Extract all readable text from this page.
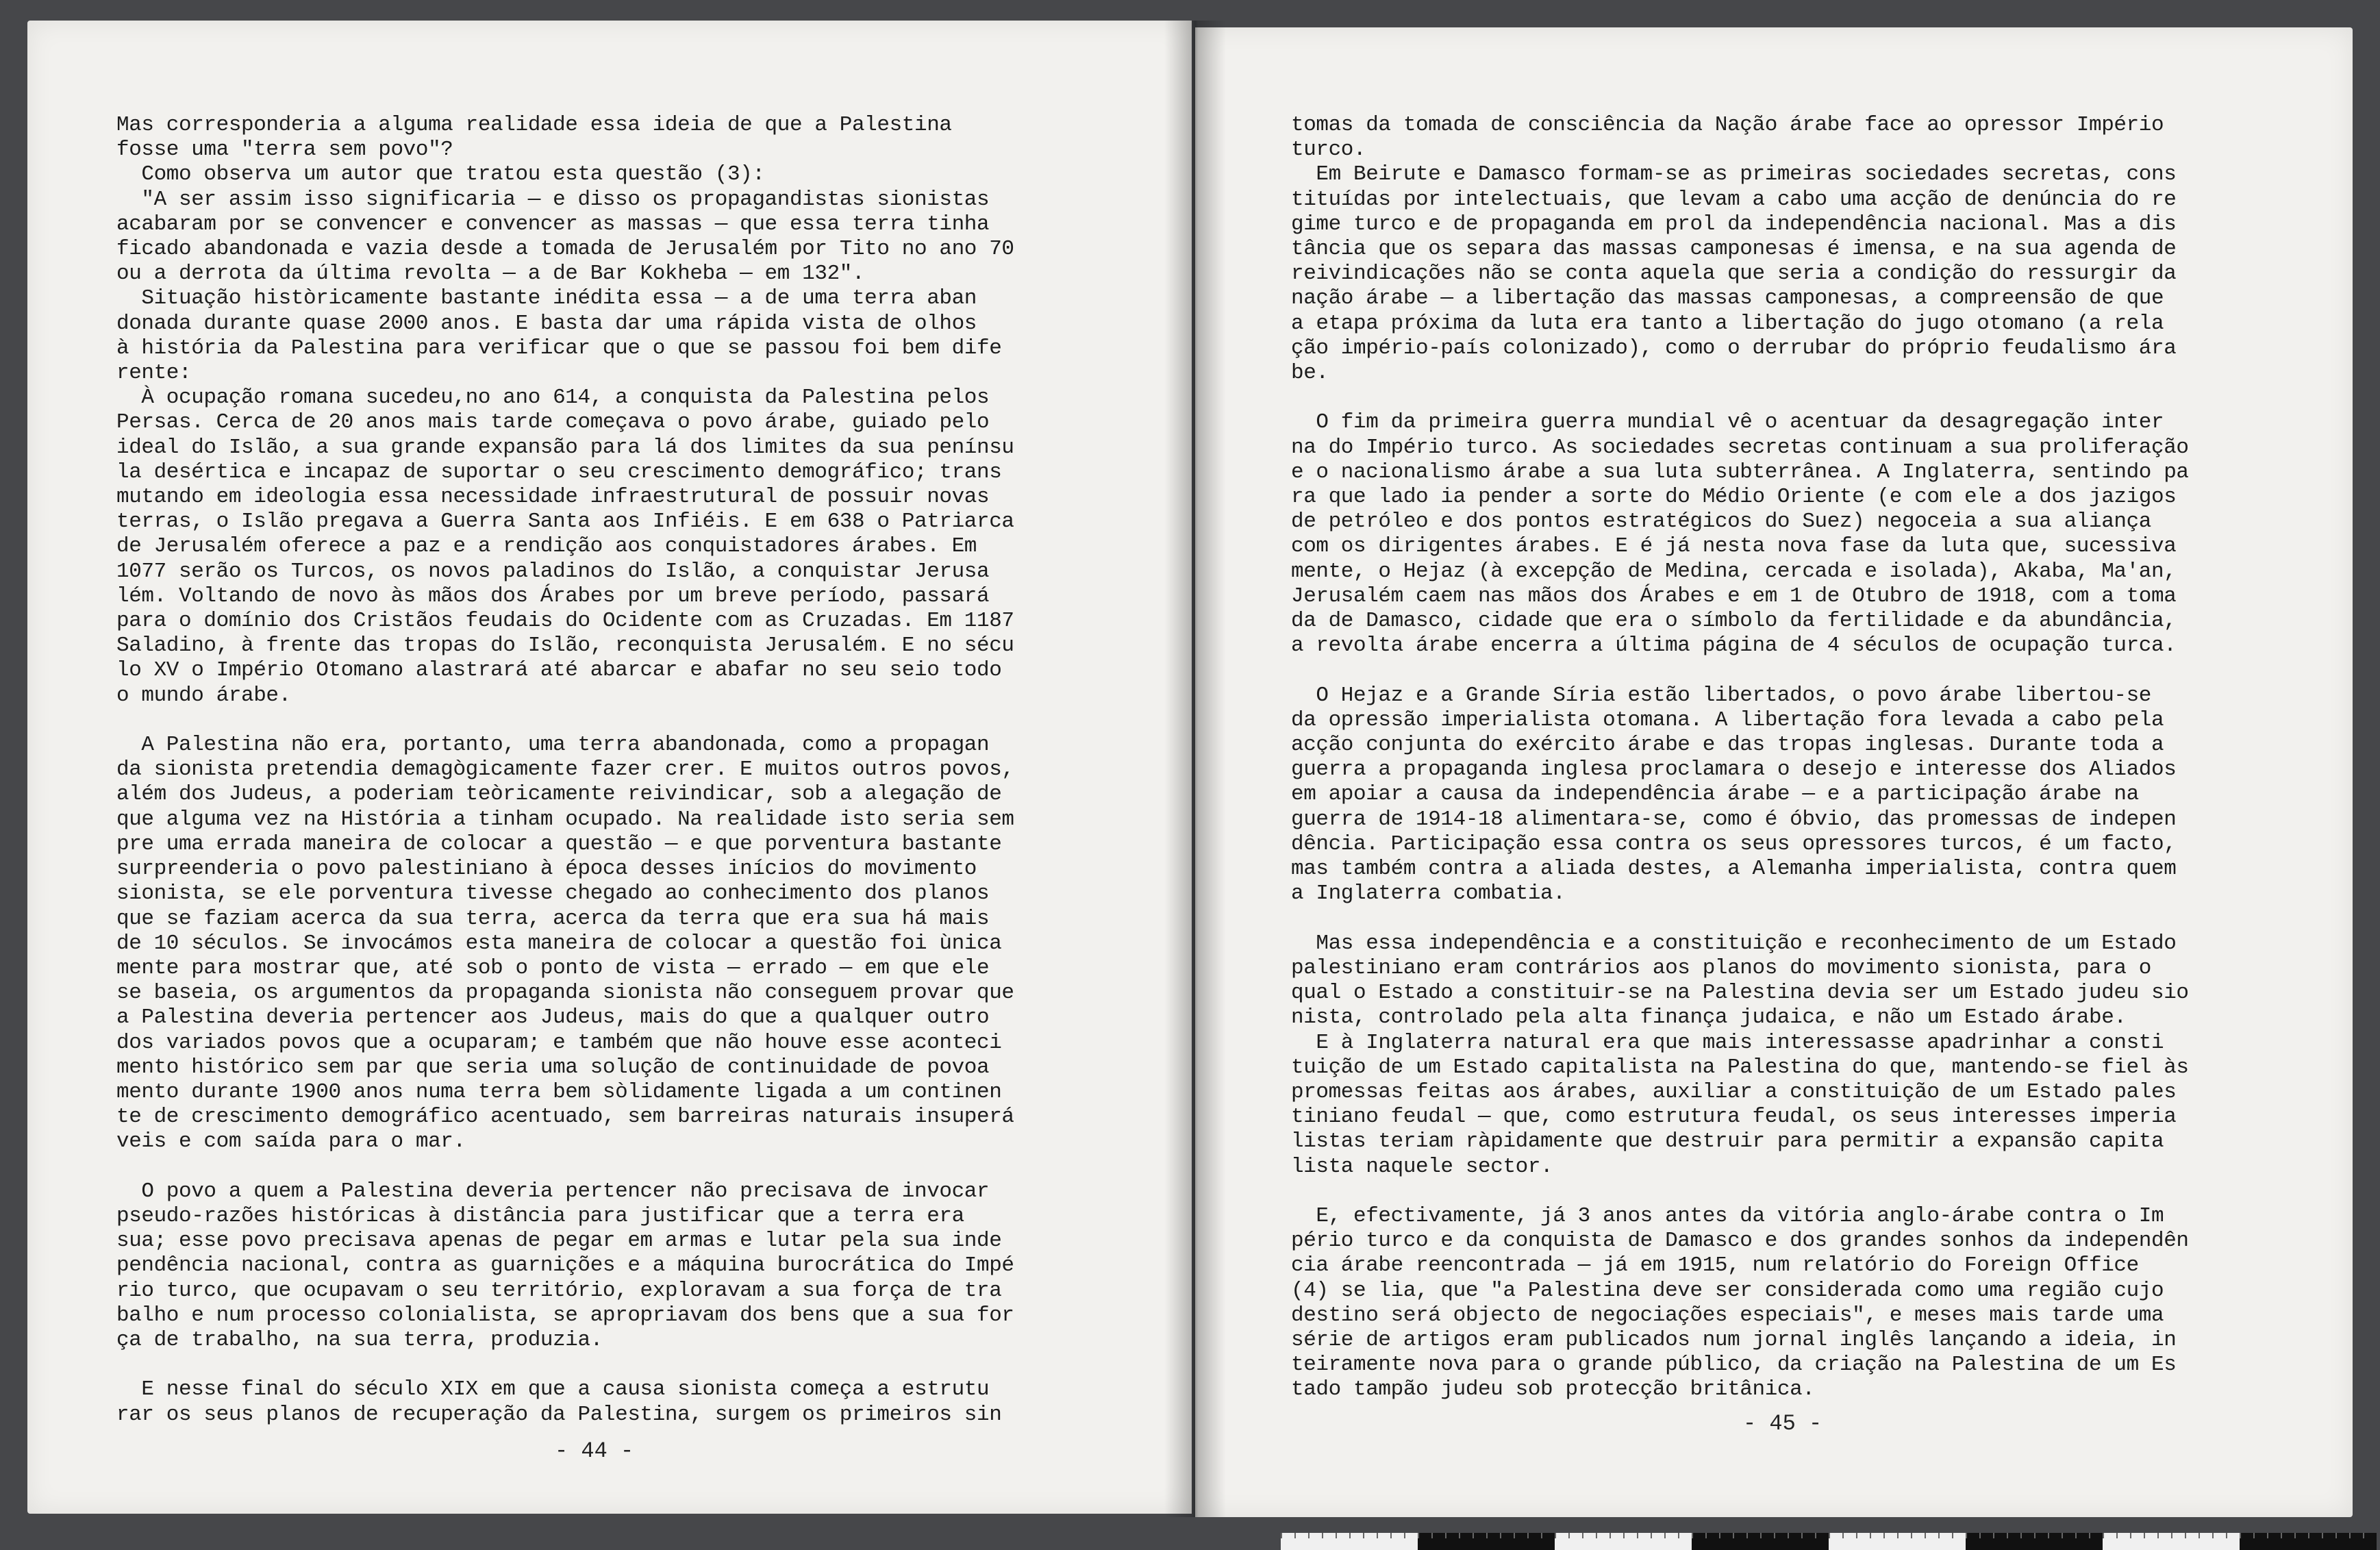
Mas corresponderia a alguma realidade essa ideia de que a Palestina
fosse uma "terra sem povo"?
Como observa um autor que tratou esta questão (3):
"A ser assim isso significaria — e disso os propagandistas sionistas
acabaram por se convencer e convencer as massas — que essa terra tinha
ficado abandonada e vazia desde a tomada de Jerusalém por Tito no ano 70
ou a derrota da última revolta — a de Bar Kokheba — em 132".
Situação històricamente bastante inédita essa — a de uma terra aban
donada durante quase 2000 anos. E basta dar uma rápida vista de olhos
à história da Palestina para verificar que o que se passou foi bem dife
rente:
À ocupação romana sucedeu,no ano 614, a conquista da Palestina pelos
Persas. Cerca de 20 anos mais tarde começava o povo árabe, guiado pelo
ideal do Islão, a sua grande expansão para lá dos limites da sua penínsu
la desértica e incapaz de suportar o seu crescimento demográfico; trans
mutando em ideologia essa necessidade infraestrutural de possuir novas
terras, o Islão pregava a Guerra Santa aos Infiéis. E em 638 o Patriarca
de Jerusalém oferece a paz e a rendição aos conquistadores árabes. Em
1077 serão os Turcos, os novos paladinos do Islão, a conquistar Jerusa
lém. Voltando de novo às mãos dos Árabes por um breve período, passará
para o domínio dos Cristãos feudais do Ocidente com as Cruzadas. Em 1187
Saladino, à frente das tropas do Islão, reconquista Jerusalém. E no sécu
lo XV o Império Otomano alastrará até abarcar e abafar no seu seio todo
o mundo árabe.

A Palestina não era, portanto, uma terra abandonada, como a propagan
da sionista pretendia demagògicamente fazer crer. E muitos outros povos,
além dos Judeus, a poderiam teòricamente reivindicar, sob a alegação de
que alguma vez na História a tinham ocupado. Na realidade isto seria sem
pre uma errada maneira de colocar a questão — e que porventura bastante
surpreenderia o povo palestiniano à época desses inícios do movimento
sionista, se ele porventura tivesse chegado ao conhecimento dos planos
que se faziam acerca da sua terra, acerca da terra que era sua há mais
de 10 séculos. Se invocámos esta maneira de colocar a questão foi ùnica
mente para mostrar que, até sob o ponto de vista — errado — em que ele
se baseia, os argumentos da propaganda sionista não conseguem provar que
a Palestina deveria pertencer aos Judeus, mais do que a qualquer outro
dos variados povos que a ocuparam; e também que não houve esse aconteci
mento histórico sem par que seria uma solução de continuidade de povoa
mento durante 1900 anos numa terra bem sòlidamente ligada a um continen
te de crescimento demográfico acentuado, sem barreiras naturais insuperá
veis e com saída para o mar.

O povo a quem a Palestina deveria pertencer não precisava de invocar
pseudo-razões históricas à distância para justificar que a terra era
sua; esse povo precisava apenas de pegar em armas e lutar pela sua inde
pendência nacional, contra as guarnições e a máquina burocrática do Impé
rio turco, que ocupavam o seu território, exploravam a sua força de tra
balho e num processo colonialista, se apropriavam dos bens que a sua for
ça de trabalho, na sua terra, produzia.

E nesse final do século XIX em que a causa sionista começa a estrutu
rar os seus planos de recuperação da Palestina, surgem os primeiros sin
- 44 -
tomas da tomada de consciência da Nação árabe face ao opressor Império
turco.
Em Beirute e Damasco formam-se as primeiras sociedades secretas, cons
tituídas por intelectuais, que levam a cabo uma acção de denúncia do re
gime turco e de propaganda em prol da independência nacional. Mas a dis
tância que os separa das massas camponesas é imensa, e na sua agenda de
reivindicações não se conta aquela que seria a condição do ressurgir da
nação árabe — a libertação das massas camponesas, a compreensão de que
a etapa próxima da luta era tanto a libertação do jugo otomano (a rela
ção império-país colonizado), como o derrubar do próprio feudalismo ára
be.

O fim da primeira guerra mundial vê o acentuar da desagregação inter
na do Império turco. As sociedades secretas continuam a sua proliferação
e o nacionalismo árabe a sua luta subterrânea. A Inglaterra, sentindo pa
ra que lado ia pender a sorte do Médio Oriente (e com ele a dos jazigos
de petróleo e dos pontos estratégicos do Suez) negoceia a sua aliança
com os dirigentes árabes. E é já nesta nova fase da luta que, sucessiva
mente, o Hejaz (à excepção de Medina, cercada e isolada), Akaba, Ma'an,
Jerusalém caem nas mãos dos Árabes e em 1 de Otubro de 1918, com a toma
da de Damasco, cidade que era o símbolo da fertilidade e da abundância,
a revolta árabe encerra a última página de 4 séculos de ocupação turca.

O Hejaz e a Grande Síria estão libertados, o povo árabe libertou-se
da opressão imperialista otomana. A libertação fora levada a cabo pela
acção conjunta do exército árabe e das tropas inglesas. Durante toda a
guerra a propaganda inglesa proclamara o desejo e interesse dos Aliados
em apoiar a causa da independência árabe — e a participação árabe na
guerra de 1914-18 alimentara-se, como é óbvio, das promessas de indepen
dência. Participação essa contra os seus opressores turcos, é um facto,
mas também contra a aliada destes, a Alemanha imperialista, contra quem
a Inglaterra combatia.

Mas essa independência e a constituição e reconhecimento de um Estado
palestiniano eram contrários aos planos do movimento sionista, para o
qual o Estado a constituir-se na Palestina devia ser um Estado judeu sio
nista, controlado pela alta finança judaica, e não um Estado árabe.
E à Inglaterra natural era que mais interessasse apadrinhar a consti
tuição de um Estado capitalista na Palestina do que, mantendo-se fiel às
promessas feitas aos árabes, auxiliar a constituição de um Estado pales
tiniano feudal — que, como estrutura feudal, os seus interesses imperia
listas teriam ràpidamente que destruir para permitir a expansão capita
lista naquele sector.

E, efectivamente, já 3 anos antes da vitória anglo-árabe contra o Im
pério turco e da conquista de Damasco e dos grandes sonhos da independên
cia árabe reencontrada — já em 1915, num relatório do Foreign Office
(4) se lia, que "a Palestina deve ser considerada como uma região cujo
destino será objecto de negociações especiais", e meses mais tarde uma
série de artigos eram publicados num jornal inglês lançando a ideia, in
teiramente nova para o grande público, da criação na Palestina de um Es
tado tampão judeu sob protecção britânica.
- 45 -
